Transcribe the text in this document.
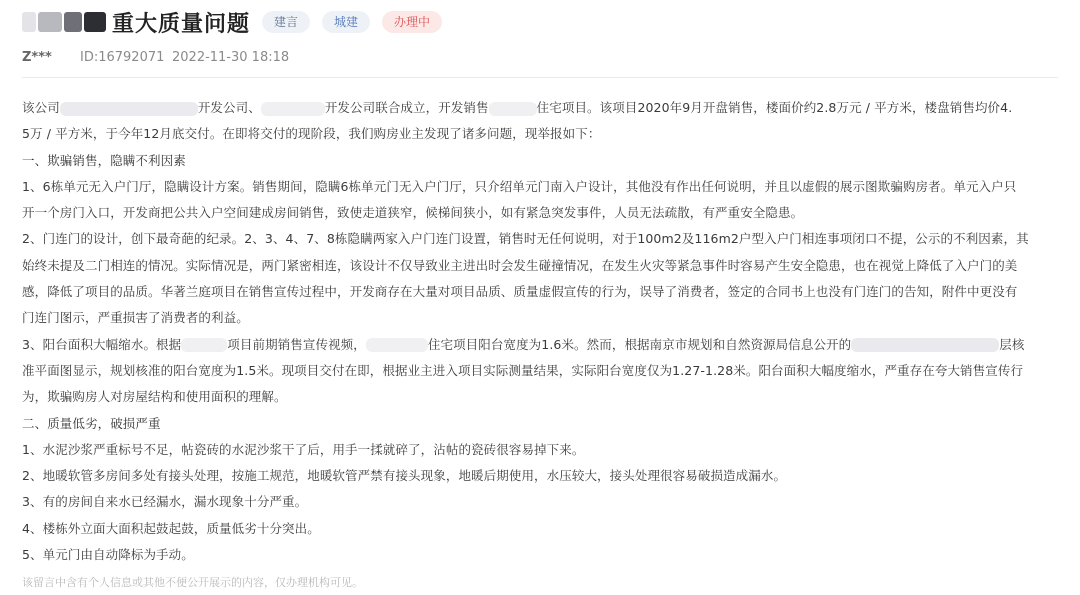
重大质量问题	建言	城建	办理中
Z***	ID:16792071 2022-11-30 18:18
该公司	开发公司、	开发公司联合成立，开发销售	住宅项目。该项目2020年9月开盘销售，楼面价约2.8万元 / 平方米，楼盘销售均价4.
5万 / 平方米，于今年12月底交付。在即将交付的现阶段，我们购房业主发现了诸多问题，现举报如下：
一、欺骗销售，隐瞒不利因素
1、6栋单元无入户门厅，隐瞒设计方案。销售期间，隐瞒6栋单元门无入户门厅，只介绍单元门南入户设计，其他没有作出任何说明，并且以虚假的展示图欺骗购房者。单元入户只
开一个房门入口，开发商把公共入户空间建成房间销售，致使走道狭窄，候梯间狭小，如有紧急突发事件，人员无法疏散，有严重安全隐患。
2、门连门的设计，创下最奇葩的纪录。2、3、4、7、8栋隐瞒两家入户门连门设置，销售时无任何说明，对于100m2及116m2户型入户门相连事项闭口不提，公示的不利因素，其
始终未提及二门相连的情况。实际情况是，两门紧密相连，该设计不仅导致业主进出时会发生碰撞情况，在发生火灾等紧急事件时容易产生安全隐患，也在视觉上降低了入户门的美
感，降低了项目的品质。华著兰庭项目在销售宣传过程中，开发商存在大量对项目品质、质量虚假宣传的行为，误导了消费者，签定的合同书上也没有门连门的告知，附件中更没有
门连门图示，严重损害了消费者的利益。
3、阳台面积大幅缩水。根据	项目前期销售宣传视频，	住宅项目阳台宽度为1.6米。然而，根据南京市规划和自然资源局信息公开的	层核
准平面图显示，规划核准的阳台宽度为1.5米。现项目交付在即，根据业主进入项目实际测量结果，实际阳台宽度仅为1.27-1.28米。阳台面积大幅度缩水，严重存在夸大销售宣传行
为，欺骗购房人对房屋结构和使用面积的理解。
二、质量低劣，破损严重
1、水泥沙浆严重标号不足，帖瓷砖的水泥沙浆干了后，用手一揉就碎了，沾帖的瓷砖很容易掉下来。
2、地暖软管多房间多处有接头处理，按施工规范，地暖软管严禁有接头现象，地暖后期使用，水压较大，接头处理很容易破损造成漏水。
3、有的房间自来水已经漏水，漏水现象十分严重。
4、楼栋外立面大面积起鼓起鼓，质量低劣十分突出。
5、单元门由自动降标为手动。
该留言中含有个人信息或其他不便公开展示的内容，仅办理机构可见。
